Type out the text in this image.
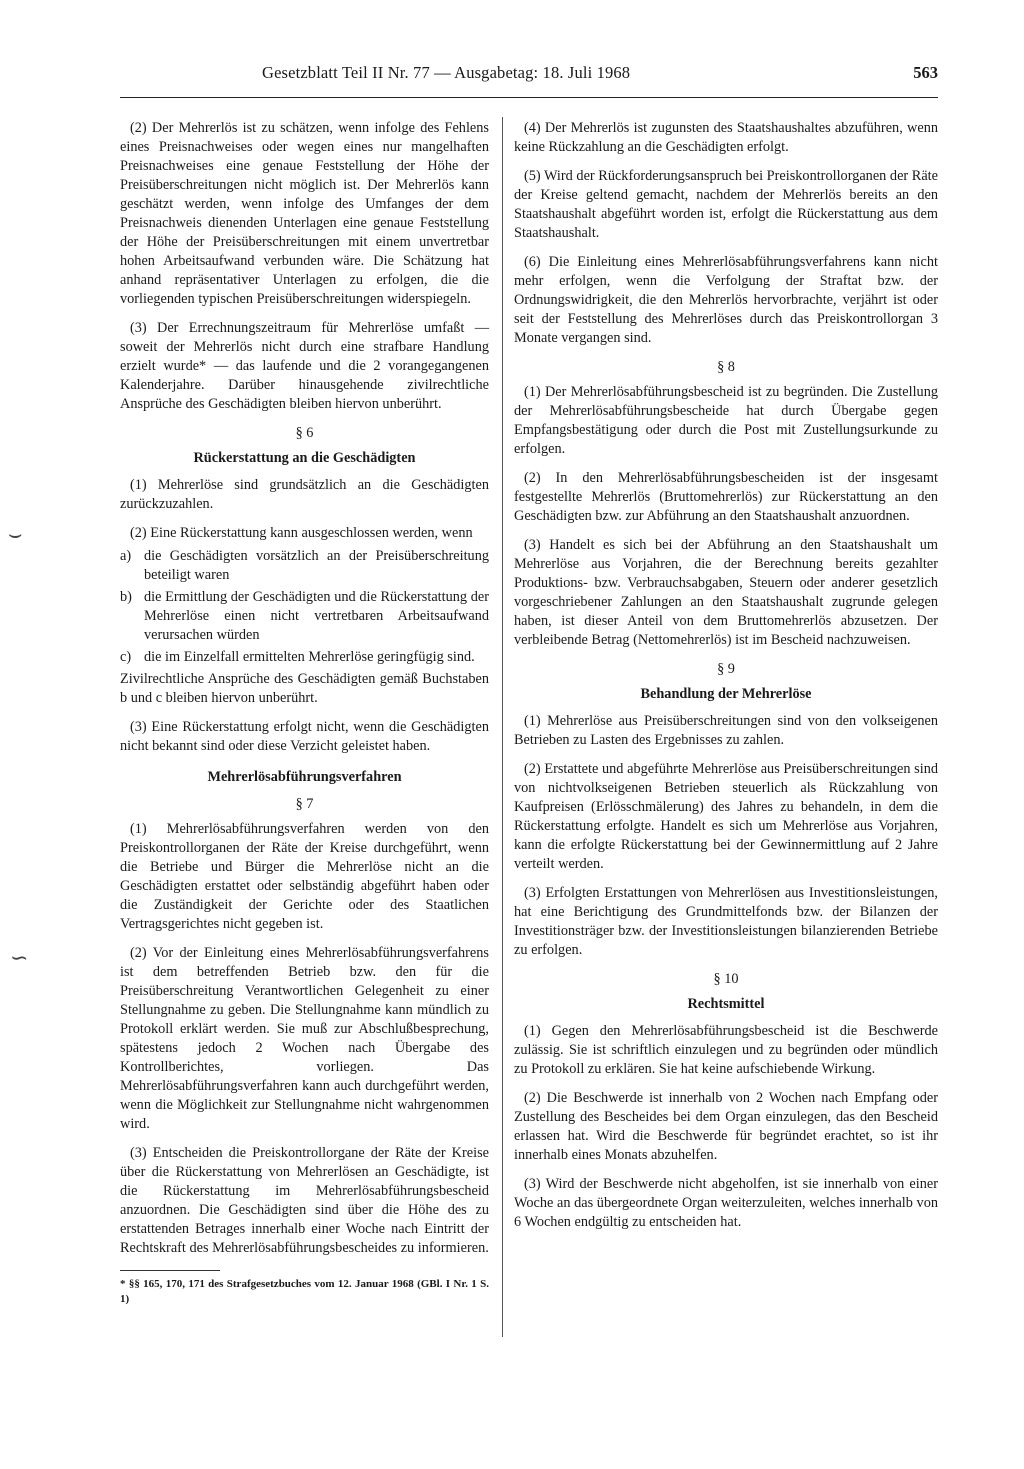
Gesetzblatt Teil II Nr. 77 — Ausgabetag: 18. Juli 1968	563
⌣
∽

(2) Der Mehrerlös ist zu schätzen, wenn infolge des Fehlens eines Preisnachweises oder wegen eines nur mangelhaften Preisnachweises eine genaue Feststellung der Höhe der Preisüberschreitungen nicht möglich ist. Der Mehrerlös kann geschätzt werden, wenn infolge des Umfanges der dem Preisnachweis dienenden Unterlagen eine genaue Feststellung der Höhe der Preisüberschreitungen mit einem unvertretbar hohen Arbeitsaufwand verbunden wäre. Die Schätzung hat anhand repräsentativer Unterlagen zu erfolgen, die die vorliegenden typischen Preisüberschreitungen widerspiegeln.

(3) Der Errechnungszeitraum für Mehrerlöse umfaßt — soweit der Mehrerlös nicht durch eine strafbare Handlung erzielt wurde* — das laufende und die 2 vorangegangenen Kalenderjahre. Darüber hinausgehende zivilrechtliche Ansprüche des Geschädigten bleiben hiervon unberührt.

§ 6
Rückerstattung an die Geschädigten

(1) Mehrerlöse sind grundsätzlich an die Geschädigten zurückzuzahlen.

(2) Eine Rückerstattung kann ausgeschlossen werden, wenn

a) die Geschädigten vorsätzlich an der Preisüberschreitung beteiligt waren
b) die Ermittlung der Geschädigten und die Rückerstattung der Mehrerlöse einen nicht vertretbaren Arbeitsaufwand verursachen würden
c) die im Einzelfall ermittelten Mehrerlöse geringfügig sind.

Zivilrechtliche Ansprüche des Geschädigten gemäß Buchstaben b und c bleiben hiervon unberührt.

(3) Eine Rückerstattung erfolgt nicht, wenn die Geschädigten nicht bekannt sind oder diese Verzicht geleistet haben.

Mehrerlösabführungsverfahren
§ 7

(1) Mehrerlösabführungsverfahren werden von den Preiskontrollorganen der Räte der Kreise durchgeführt, wenn die Betriebe und Bürger die Mehrerlöse nicht an die Geschädigten erstattet oder selbständig abgeführt haben oder die Zuständigkeit der Gerichte oder des Staatlichen Vertragsgerichtes nicht gegeben ist.

(2) Vor der Einleitung eines Mehrerlösabführungsverfahrens ist dem betreffenden Betrieb bzw. den für die Preisüberschreitung Verantwortlichen Gelegenheit zu einer Stellungnahme zu geben. Die Stellungnahme kann mündlich zu Protokoll erklärt werden. Sie muß zur Abschlußbesprechung, spätestens jedoch 2 Wochen nach Übergabe des Kontrollberichtes, vorliegen. Das Mehrerlösabführungsverfahren kann auch durchgeführt werden, wenn die Möglichkeit zur Stellungnahme nicht wahrgenommen wird.

(3) Entscheiden die Preiskontrollorgane der Räte der Kreise über die Rückerstattung von Mehrerlösen an Geschädigte, ist die Rückerstattung im Mehrerlösabführungsbescheid anzuordnen. Die Geschädigten sind über die Höhe des zu erstattenden Betrages innerhalb einer Woche nach Eintritt der Rechtskraft des Mehrerlösabführungsbescheides zu informieren.

* §§ 165, 170, 171 des Strafgesetzbuches vom 12. Januar 1968 (GBl. I Nr. 1 S. 1)

(4) Der Mehrerlös ist zugunsten des Staatshaushaltes abzuführen, wenn keine Rückzahlung an die Geschädigten erfolgt.

(5) Wird der Rückforderungsanspruch bei Preiskontrollorganen der Räte der Kreise geltend gemacht, nachdem der Mehrerlös bereits an den Staatshaushalt abgeführt worden ist, erfolgt die Rückerstattung aus dem Staatshaushalt.

(6) Die Einleitung eines Mehrerlösabführungsverfahrens kann nicht mehr erfolgen, wenn die Verfolgung der Straftat bzw. der Ordnungswidrigkeit, die den Mehrerlös hervorbrachte, verjährt ist oder seit der Feststellung des Mehrerlöses durch das Preiskontrollorgan 3 Monate vergangen sind.

§ 8

(1) Der Mehrerlösabführungsbescheid ist zu begründen. Die Zustellung der Mehrerlösabführungsbescheide hat durch Übergabe gegen Empfangsbestätigung oder durch die Post mit Zustellungsurkunde zu erfolgen.

(2) In den Mehrerlösabführungsbescheiden ist der insgesamt festgestellte Mehrerlös (Bruttomehrerlös) zur Rückerstattung an den Geschädigten bzw. zur Abführung an den Staatshaushalt anzuordnen.

(3) Handelt es sich bei der Abführung an den Staatshaushalt um Mehrerlöse aus Vorjahren, die der Berechnung bereits gezahlter Produktions- bzw. Verbrauchsabgaben, Steuern oder anderer gesetzlich vorgeschriebener Zahlungen an den Staatshaushalt zugrunde gelegen haben, ist dieser Anteil von dem Bruttomehrerlös abzusetzen. Der verbleibende Betrag (Nettomehrerlös) ist im Bescheid nachzuweisen.

§ 9
Behandlung der Mehrerlöse

(1) Mehrerlöse aus Preisüberschreitungen sind von den volkseigenen Betrieben zu Lasten des Ergebnisses zu zahlen.

(2) Erstattete und abgeführte Mehrerlöse aus Preisüberschreitungen sind von nichtvolkseigenen Betrieben steuerlich als Rückzahlung von Kaufpreisen (Erlösschmälerung) des Jahres zu behandeln, in dem die Rückerstattung erfolgte. Handelt es sich um Mehrerlöse aus Vorjahren, kann die erfolgte Rückerstattung bei der Gewinnermittlung auf 2 Jahre verteilt werden.

(3) Erfolgten Erstattungen von Mehrerlösen aus Investitionsleistungen, hat eine Berichtigung des Grundmittelfonds bzw. der Bilanzen der Investitionsträger bzw. der Investitionsleistungen bilanzierenden Betriebe zu erfolgen.

§ 10
Rechtsmittel

(1) Gegen den Mehrerlösabführungsbescheid ist die Beschwerde zulässig. Sie ist schriftlich einzulegen und zu begründen oder mündlich zu Protokoll zu erklären. Sie hat keine aufschiebende Wirkung.

(2) Die Beschwerde ist innerhalb von 2 Wochen nach Empfang oder Zustellung des Bescheides bei dem Organ einzulegen, das den Bescheid erlassen hat. Wird die Beschwerde für begründet erachtet, so ist ihr innerhalb eines Monats abzuhelfen.

(3) Wird der Beschwerde nicht abgeholfen, ist sie innerhalb von einer Woche an das übergeordnete Organ weiterzuleiten, welches innerhalb von 6 Wochen endgültig zu entscheiden hat.
